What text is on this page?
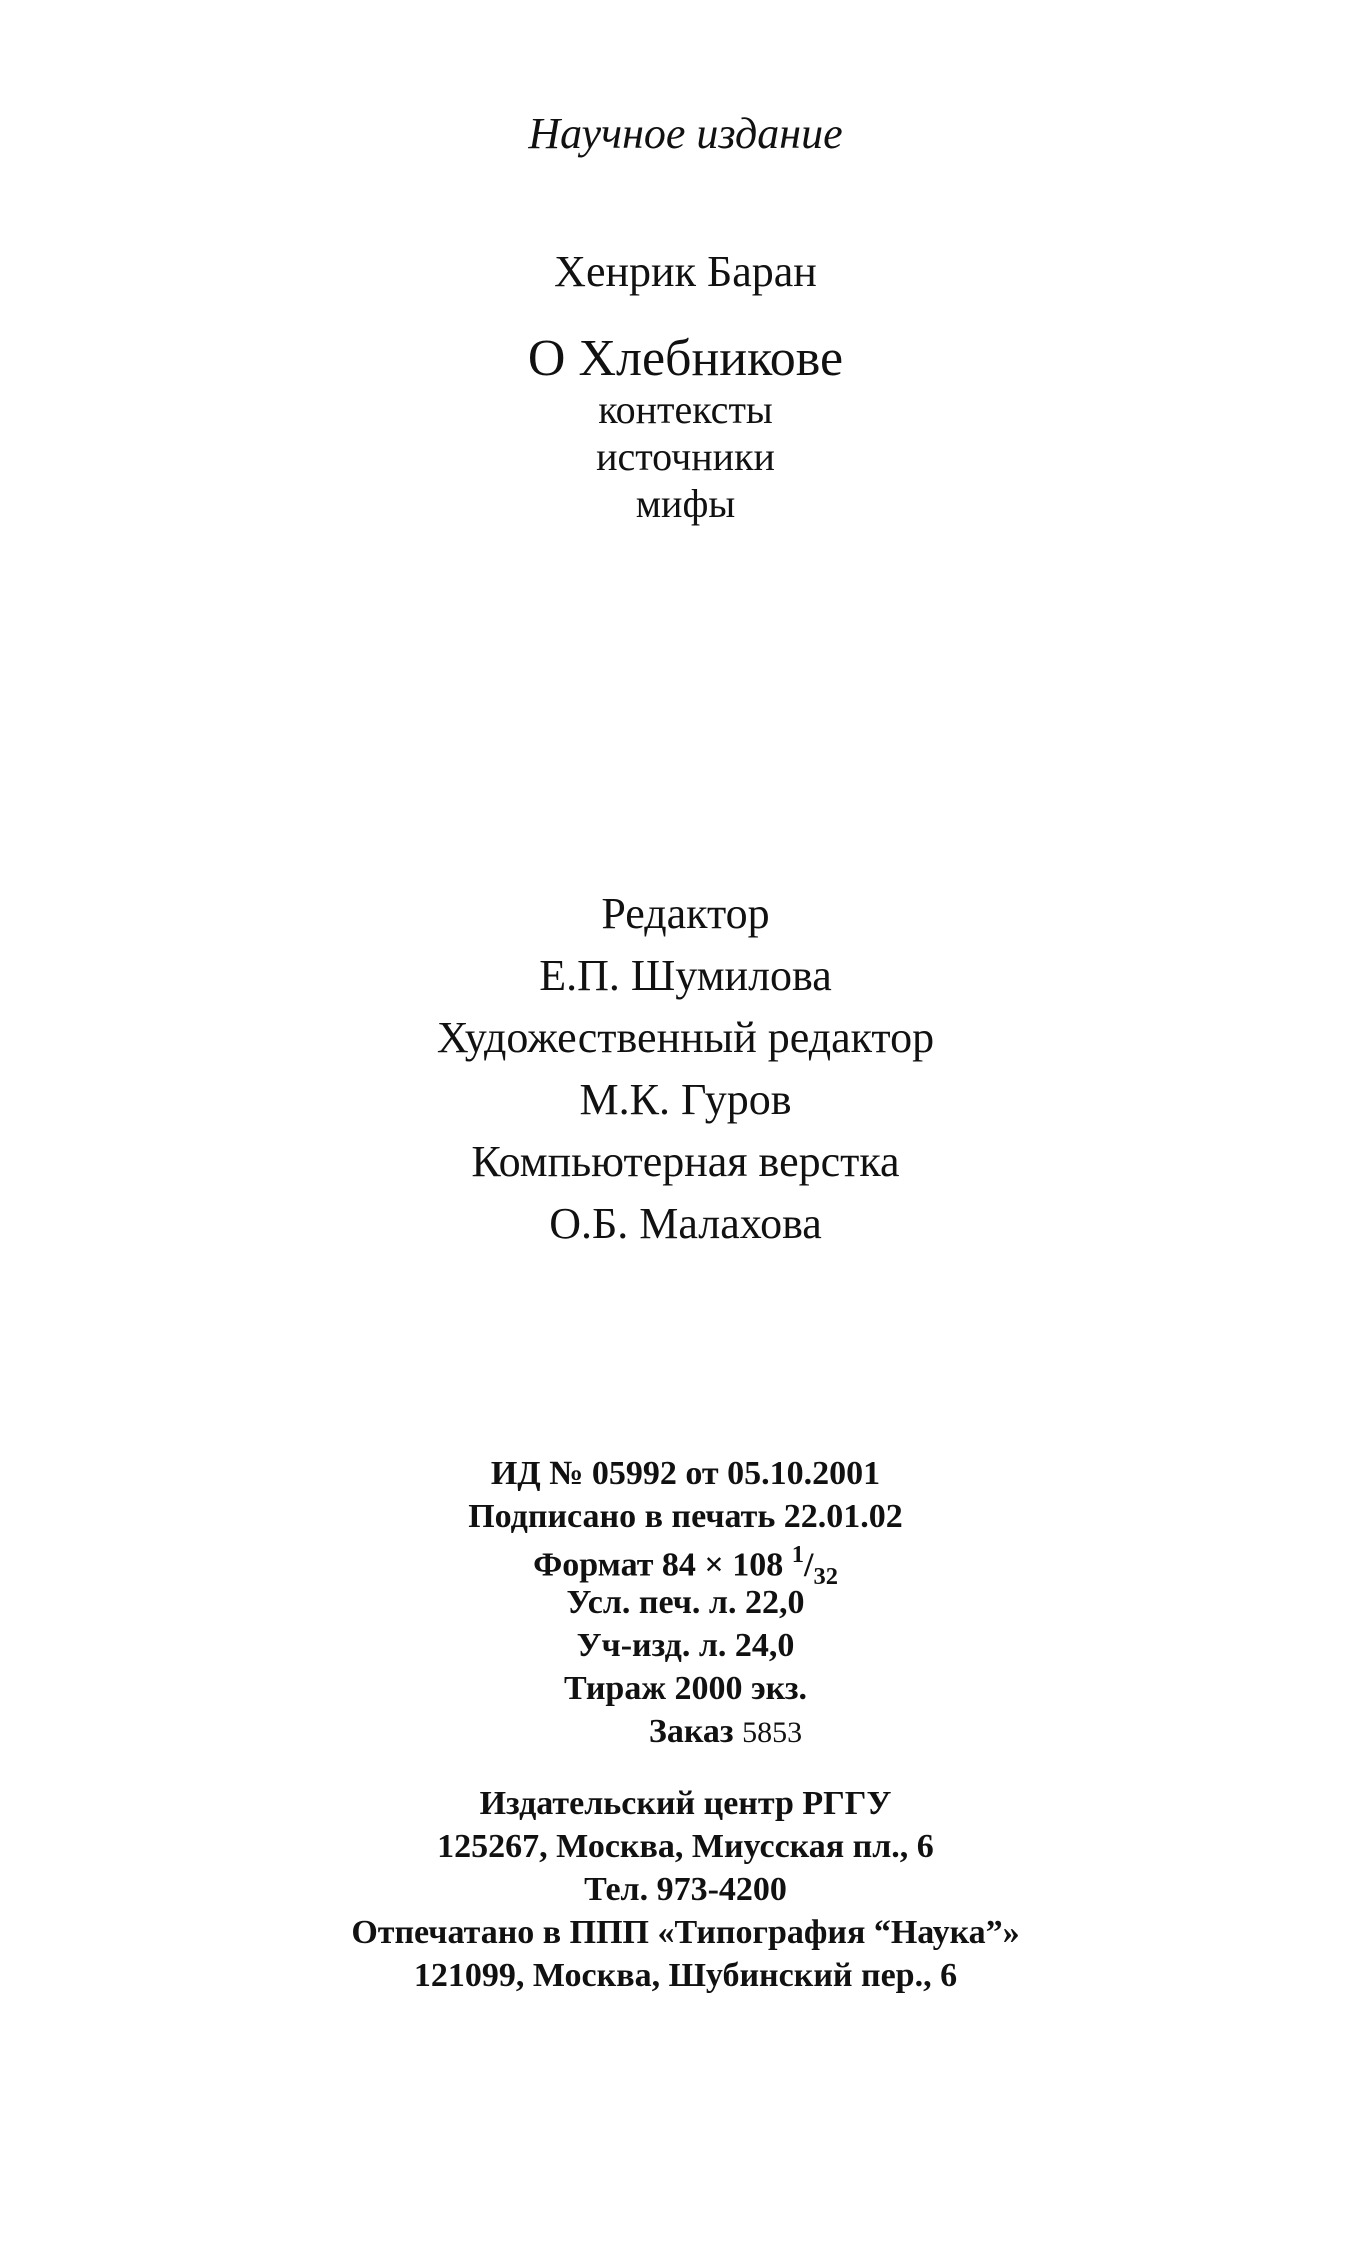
Научное издание
Хенрик Баран
О Хлебникове
контексты
источники
мифы
Редактор
Е.П. Шумилова
Художественный редактор
М.К. Гуров
Компьютерная верстка
О.Б. Малахова
ИД № 05992 от 05.10.2001
Подписано в печать 22.01.02
Формат 84 × 108 $^1/_{32}$
Усл. печ. л. 22,0
Уч-изд. л. 24,0
Тираж 2000 экз.
Заказ 5853
Издательский центр РГГУ
125267, Москва, Миусская пл., 6
Тел. 973-4200
Отпечатано в ППП «Типография “Наука”»
121099, Москва, Шубинский пер., 6
